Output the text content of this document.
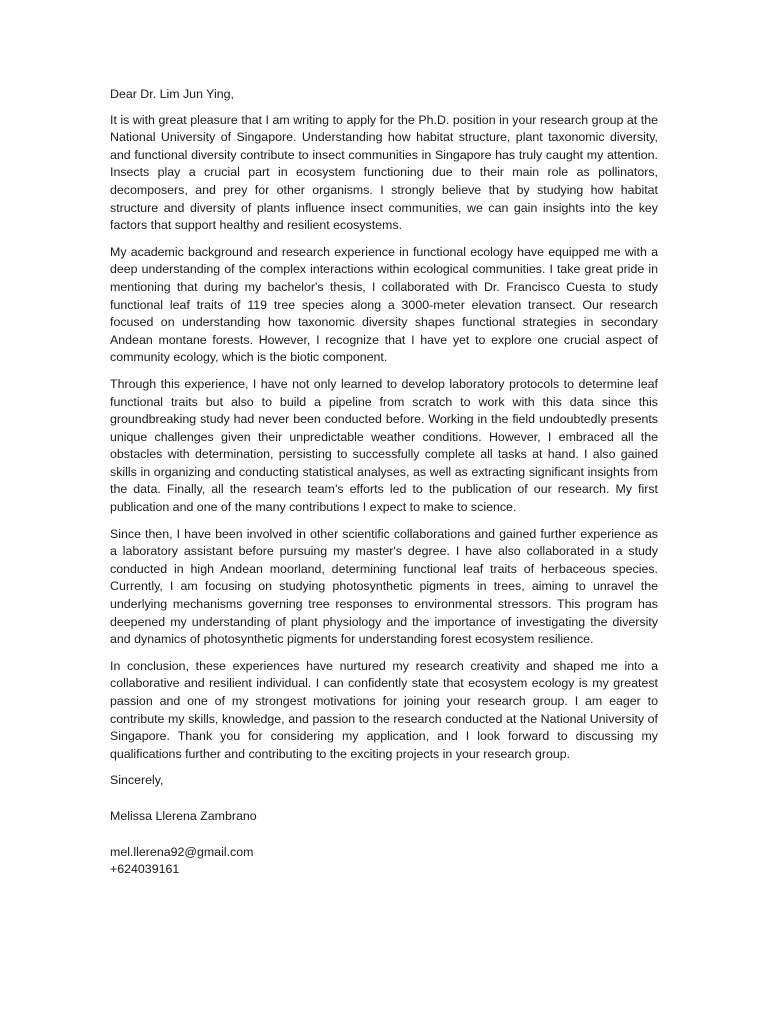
Dear Dr. Lim Jun Ying,

It is with great pleasure that I am writing to apply for the Ph.D. position in your research group at the National University of Singapore. Understanding how habitat structure, plant taxonomic diversity, and functional diversity contribute to insect communities in Singapore has truly caught my attention. Insects play a crucial part in ecosystem functioning due to their main role as pollinators, decomposers, and prey for other organisms. I strongly believe that by studying how habitat structure and diversity of plants influence insect communities, we can gain insights into the key factors that support healthy and resilient ecosystems.

My academic background and research experience in functional ecology have equipped me with a deep understanding of the complex interactions within ecological communities. I take great pride in mentioning that during my bachelor's thesis, I collaborated with Dr. Francisco Cuesta to study functional leaf traits of 119 tree species along a 3000-meter elevation transect. Our research focused on understanding how taxonomic diversity shapes functional strategies in secondary Andean montane forests. However, I recognize that I have yet to explore one crucial aspect of community ecology, which is the biotic component.

Through this experience, I have not only learned to develop laboratory protocols to determine leaf functional traits but also to build a pipeline from scratch to work with this data since this groundbreaking study had never been conducted before. Working in the field undoubtedly presents unique challenges given their unpredictable weather conditions. However, I embraced all the obstacles with determination, persisting to successfully complete all tasks at hand. I also gained skills in organizing and conducting statistical analyses, as well as extracting significant insights from the data. Finally, all the research team’s efforts led to the publication of our research. My first publication and one of the many contributions I expect to make to science.

Since then, I have been involved in other scientific collaborations and gained further experience as a laboratory assistant before pursuing my master's degree. I have also collaborated in a study conducted in high Andean moorland, determining functional leaf traits of herbaceous species. Currently, I am focusing on studying photosynthetic pigments in trees, aiming to unravel the underlying mechanisms governing tree responses to environmental stressors. This program has deepened my understanding of plant physiology and the importance of investigating the diversity and dynamics of photosynthetic pigments for understanding forest ecosystem resilience.

In conclusion, these experiences have nurtured my research creativity and shaped me into a collaborative and resilient individual. I can confidently state that ecosystem ecology is my greatest passion and one of my strongest motivations for joining your research group. I am eager to contribute my skills, knowledge, and passion to the research conducted at the National University of Singapore. Thank you for considering my application, and I look forward to discussing my qualifications further and contributing to the exciting projects in your research group.

Sincerely,

Melissa Llerena Zambrano

mel.llerena92@gmail.com

+624039161
